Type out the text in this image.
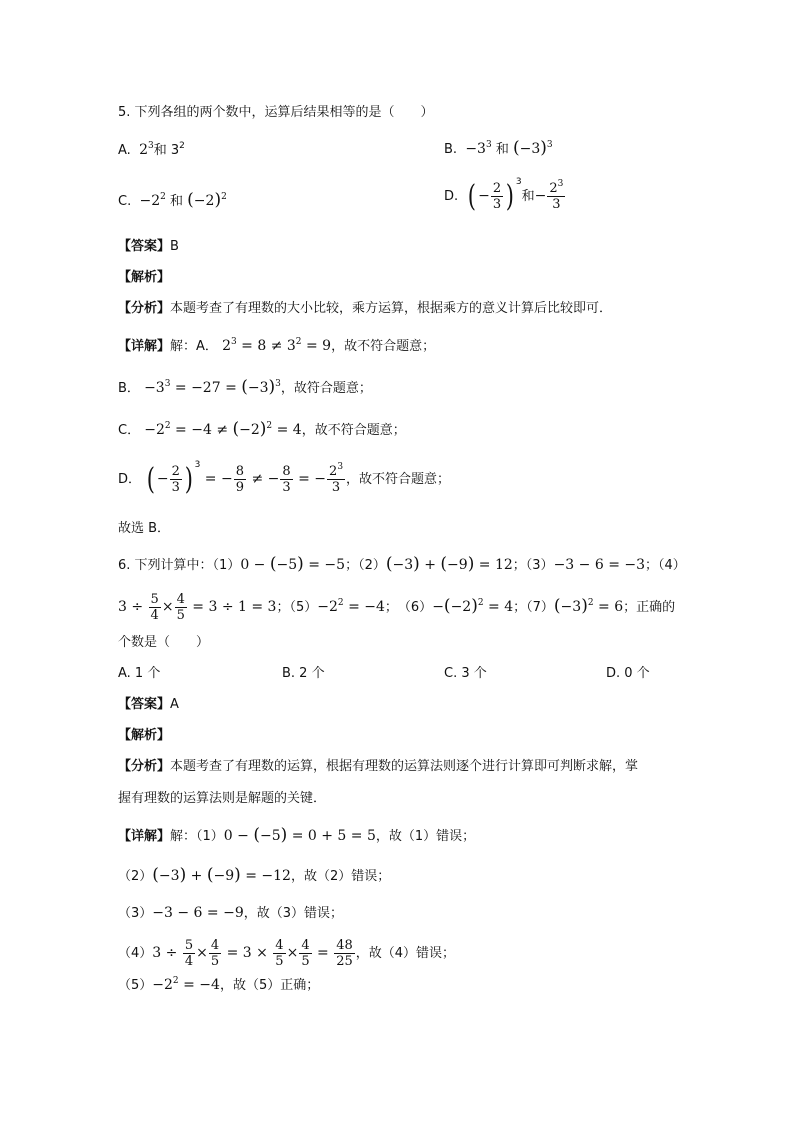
5. 下列各组的两个数中，运算后结果相等的是（　　）
A. $2^3$和 $3^2$	B. $-3^3$ 和 $(-3)^3$
C. $-2^2$ 和 $(-2)^2$	D. ( − $\frac{2}{3}$ ) $^3$和− $\frac{2^3}{3}$
【答案】B
【解析】
【分析】本题考查了有理数的大小比较，乘方运算，根据乘方的意义计算后比较即可．
【详解】解：A． $2^3 = 8 \ne 3^2 = 9$，故不符合题意；
B． $-3^3 = -27 = (-3)^3$，故符合题意；
C． $-2^2 = -4 \ne (-2)^2 = 4$，故不符合题意；
D． ( − $\frac{2}{3}$ ) $^3$ = − $\frac{8}{9}$ ≠ − $\frac{8}{3}$ = − $\frac{2^3}{3}$ ，故不符合题意；
故选 B．
6. 下列计算中：（1）0 − (−5) = −5；（2）(−3) + (−9) = 12；（3）−3 − 6 = −3；（4）
$3 \div \frac{5}{4} \times \frac{4}{5} = 3 \div 1 = 3$；$(5)-2^2 = -4$；　$(6)-(-2)^2 = 4$；$(7)(-3)^2 = 6$；正确的
个数是（　　）
A. 1 个	B. 2 个	C. 3 个	D. 0 个
【答案】A
【解析】
【分析】本题考查了有理数的运算，根据有理数的运算法则逐个进行计算即可判断求解，掌
握有理数的运算法则是解题的关键．
【详解】解：（1）0 − (−5) = 0 + 5 = 5，故（1）错误；
（2）(−3) + (−9) = −12，故（2）错误；
（3）−3 − 6 = −9，故（3）错误；
$(4)3 \div \frac{5}{4} \times \frac{4}{5} = 3 \times \frac{4}{5} \times \frac{4}{5} = \frac{48}{25}$ ，故（4）错误；
$(5)-2^2 = -4$，故（5）正确；
